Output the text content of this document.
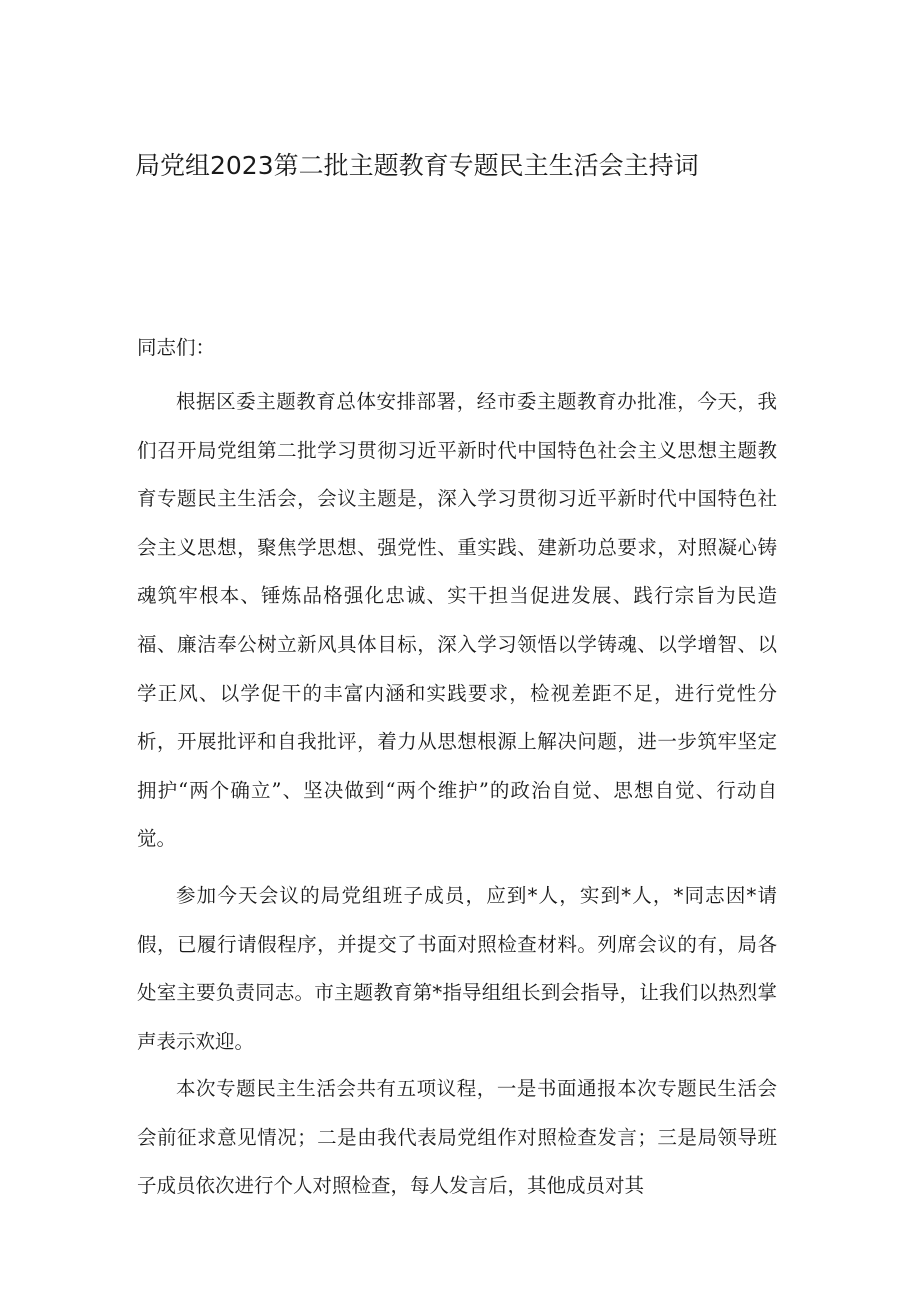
局党组2023第二批主题教育专题民主生活会主持词

同志们：

根据区委主题教育总体安排部署，经市委主题教育办批准，今天，我们召开局党组第二批学习贯彻习近平新时代中国特色社会主义思想主题教育专题民主生活会，会议主题是，深入学习贯彻习近平新时代中国特色社会主义思想，聚焦学思想、强党性、重实践、建新功总要求，对照凝心铸魂筑牢根本、锤炼品格强化忠诚、实干担当促进发展、践行宗旨为民造福、廉洁奉公树立新风具体目标，深入学习领悟以学铸魂、以学增智、以学正风、以学促干的丰富内涵和实践要求，检视差距不足，进行党性分析，开展批评和自我批评，着力从思想根源上解决问题，进一步筑牢坚定拥护“两个确立”、坚决做到“两个维护”的政治自觉、思想自觉、行动自觉。

参加今天会议的局党组班子成员，应到*人，实到*人，*同志因*请假，已履行请假程序，并提交了书面对照检查材料。列席会议的有，局各处室主要负责同志。市主题教育第*指导组组长到会指导，让我们以热烈掌声表示欢迎。

本次专题民主生活会共有五项议程，一是书面通报本次专题民生活会会前征求意见情况；二是由我代表局党组作对照检查发言；三是局领导班子成员依次进行个人对照检查，每人发言后，其他成员对其
